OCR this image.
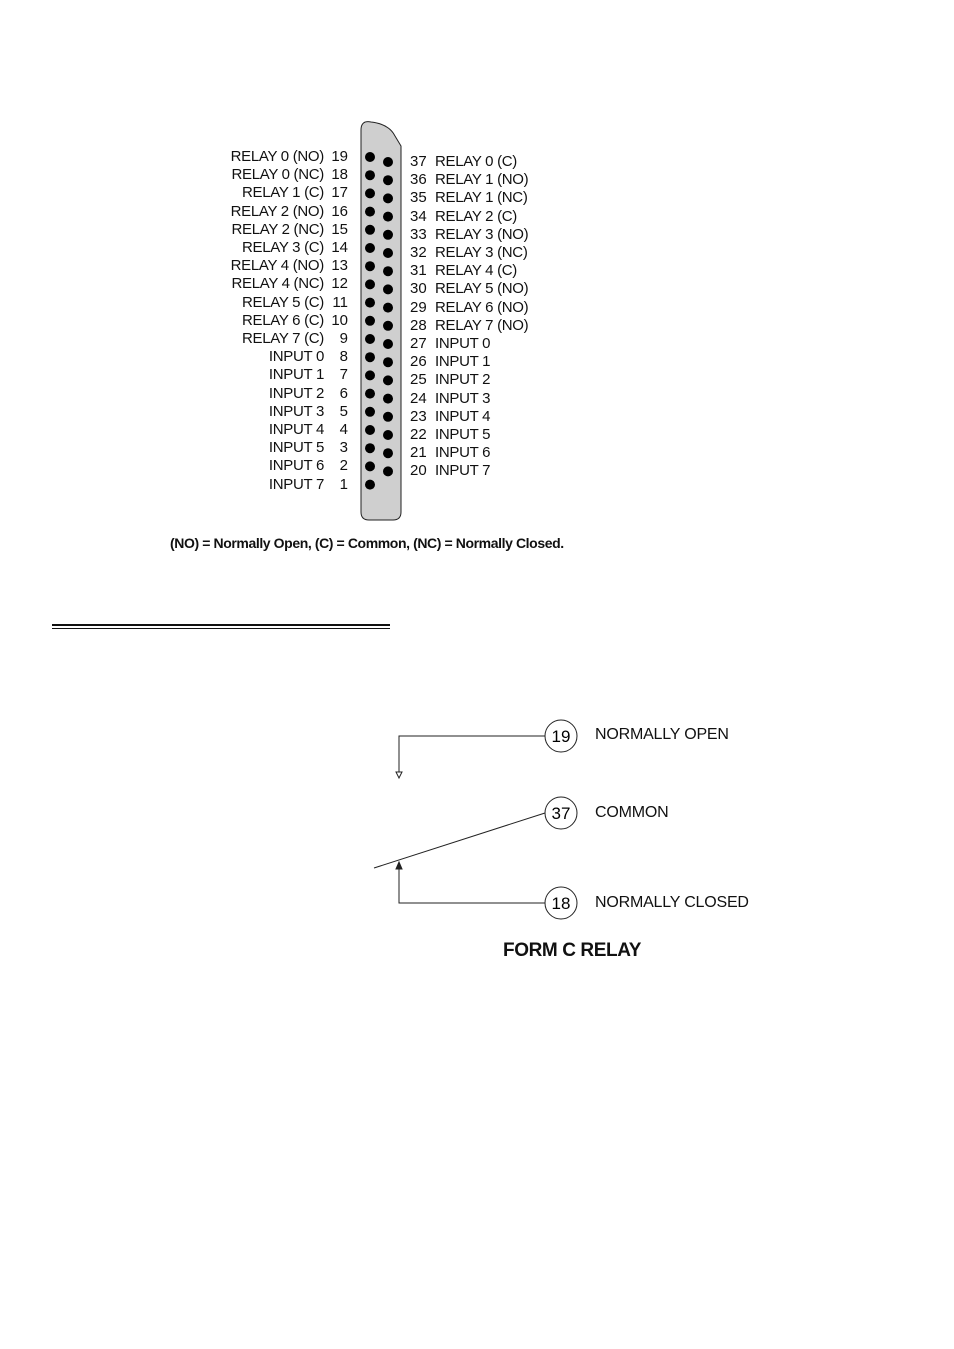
RELAY 0 (NO) 19
RELAY 0 (NC) 18
RELAY 1 (C) 17
RELAY 2 (NO) 16
RELAY 2 (NC) 15
RELAY 3 (C) 14
RELAY 4 (NO) 13
RELAY 4 (NC) 12
RELAY 5 (C) 11
RELAY 6 (C) 10
RELAY 7 (C)	9
INPUT 0	8
INPUT 1	7
INPUT 2	6
INPUT 3	5
INPUT 4	4
INPUT 5	3
INPUT 6	2
INPUT 7	1
37 RELAY 0 (C)
36 RELAY 1 (NO)
35 RELAY 1 (NC)
34 RELAY 2 (C)
33 RELAY 3 (NO)
32 RELAY 3 (NC)
31 RELAY 4 (C)
30 RELAY 5 (NO)
29 RELAY 6 (NO)
28 RELAY 7 (NO)
27 INPUT 0
26 INPUT 1
25 INPUT 2
24 INPUT 3
23 INPUT 4
22 INPUT 5
21 INPUT 6
20 INPUT 7
(NO) = Normally Open, (C) = Common, (NC) = Normally Closed.
19
37
18
NORMALLY OPEN
COMMON
NORMALLY CLOSED
FORM C RELAY
